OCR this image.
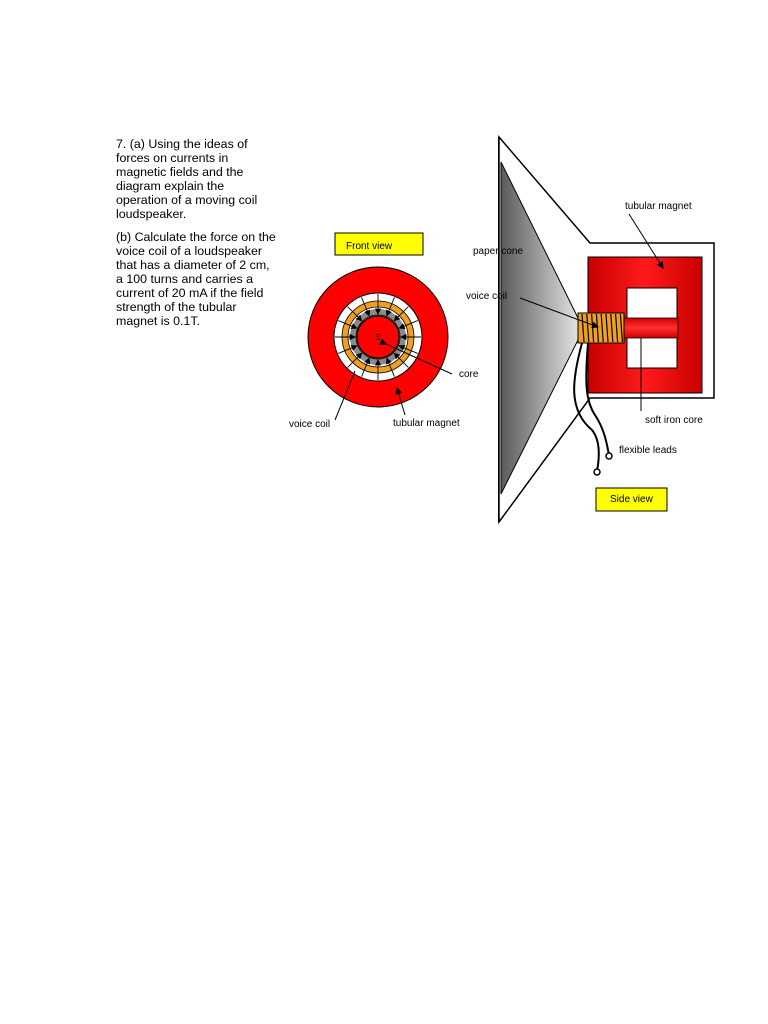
7. (a) Using the ideas of forces on currents in magnetic fields and the diagram explain the operation of a moving coil loudspeaker.

(b) Calculate the force on the voice coil of a loudspeaker that has a diameter of 2 cm, a 100 turns and carries a current of 20 mA if the field strength of the tubular magnet is 0.1T.

Front view
S
core
voice coil	tubular magnet
tubular magnet
paper cone
voice coil
soft iron core
flexible leads
Side view
